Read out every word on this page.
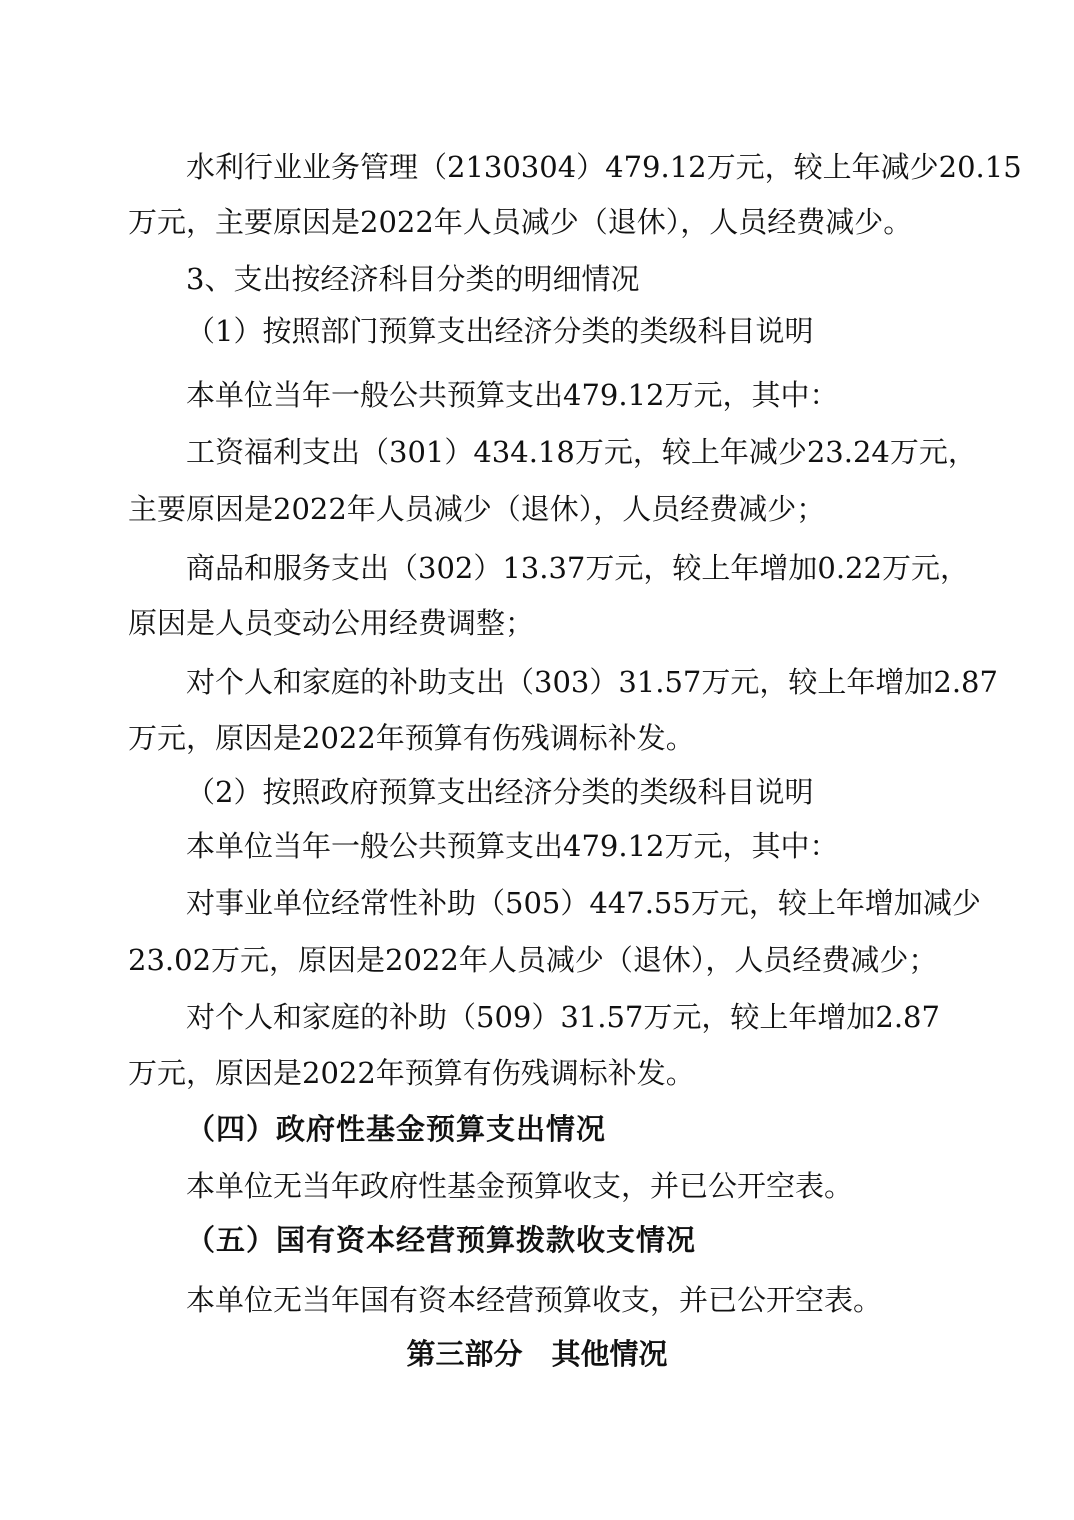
水利行业业务管理（2130304）479.12万元，较上年减少20.15
万元，主要原因是2022年人员减少（退休），人员经费减少。
3、支出按经济科目分类的明细情况
（1）按照部门预算支出经济分类的类级科目说明
本单位当年一般公共预算支出479.12万元，其中：
工资福利支出（301）434.18万元，较上年减少23.24万元，
主要原因是2022年人员减少（退休），人员经费减少；
商品和服务支出（302）13.37万元，较上年增加0.22万元，
原因是人员变动公用经费调整；
对个人和家庭的补助支出（303）31.57万元，较上年增加2.87
万元，原因是2022年预算有伤残调标补发。
（2）按照政府预算支出经济分类的类级科目说明
本单位当年一般公共预算支出479.12万元，其中：
对事业单位经常性补助（505）447.55万元，较上年增加减少
23.02万元，原因是2022年人员减少（退休），人员经费减少；
对个人和家庭的补助（509）31.57万元，较上年增加2.87
万元，原因是2022年预算有伤残调标补发。
（四）政府性基金预算支出情况
本单位无当年政府性基金预算收支，并已公开空表。
（五）国有资本经营预算拨款收支情况
本单位无当年国有资本经营预算收支，并已公开空表。
第三部分　其他情况
